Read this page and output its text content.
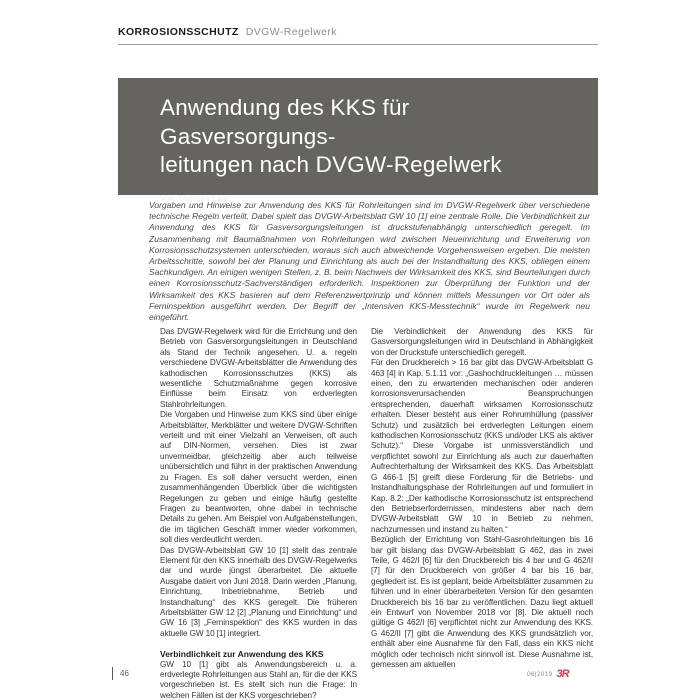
KORROSIONSSCHUTZ DVGW-Regelwerk
Anwendung des KKS für Gasversorgungs-
leitungen nach DVGW-Regelwerk

Von Thomas Laier

Vorgaben und Hinweise zur Anwendung des KKS für Rohrleitungen sind im DVGW-Regelwerk über verschiedene technische Regeln verteilt. Dabei spielt das DVGW-Arbeitsblatt GW 10 [1] eine zentrale Rolle. Die Verbindlichkeit zur Anwendung des KKS für Gasversorgungsleitungen ist druckstufenabhängig unterschiedlich geregelt. Im Zusammenhang mit Baumaßnahmen von Rohrleitungen wird zwischen Neueinrichtung und Erweiterung von Korrosionsschutzsystemen unterschieden, woraus sich auch abweichende Vorgehensweisen ergeben. Die meisten Arbeitsschritte, sowohl bei der Planung und Einrichtung als auch bei der Instandhaltung des KKS, obliegen einem Sachkundigen. An einigen wenigen Stellen, z. B. beim Nachweis der Wirksamkeit des KKS, sind Beurteilungen durch einen Korrosionsschutz-Sachverständigen erforderlich. Inspektionen zur Überprüfung der Funktion und der Wirksamkeit des KKS basieren auf dem Referenzwertprinzip und können mittels Messungen vor Ort oder als Ferninspektion ausgeführt werden. Der Begriff der „Intensiven KKS-Messtechnik“ wurde im Regelwerk neu eingeführt.

Das DVGW-Regelwerk wird für die Errichtung und den Betrieb von Gasversorgungsleitungen in Deutschland als Stand der Technik angesehen. U. a. regeln verschiedene DVGW-Arbeitsblätter die Anwendung des kathodischen Korrosionsschutzes (KKS) als wesentliche Schutzmaßnahme gegen korrosive Einflüsse beim Einsatz von erdverlegten Stahlrohrleitungen.

Die Vorgaben und Hinweise zum KKS sind über einige Arbeitsblätter, Merkblätter und weitere DVGW-Schriften verteilt und mit einer Vielzahl an Verweisen, oft auch auf DIN-Normen, versehen. Dies ist zwar unvermeidbar, gleichzeitig aber auch teilweise unübersichtlich und führt in der praktischen Anwendung zu Fragen. Es soll daher versucht werden, einen zusammenhängenden Überblick über die wichtigsten Regelungen zu geben und einige häufig gestellte Fragen zu beantworten, ohne dabei in technische Details zu gehen. Am Beispiel von Aufgabenstellungen, die im täglichen Geschäft immer wieder vorkommen, soll dies verdeutlicht werden.

Das DVGW-Arbeitsblatt GW 10 [1] stellt das zentrale Element für den KKS innerhalb des DVGW-Regelwerks dar und wurde jüngst überarbeitet. Die aktuelle Ausgabe datiert von Juni 2018. Darin werden „Planung, Einrichtung, Inbetriebnahme, Betrieb und Instandhaltung“ des KKS geregelt. Die früheren Arbeitsblätter GW 12 [2] „Planung und Einrichtung“ und GW 16 [3] „Ferninspektion“ des KKS wurden in das aktuelle GW 10 [1] integriert.

Verbindlichkeit zur Anwendung des KKS

GW 10 [1] gibt als Anwendungsbereich u. a. erdverlegte Rohrleitungen aus Stahl an, für die der KKS vorgeschrieben ist. Es stellt sich nun die Frage: In welchen Fällen ist der KKS vorgeschrieben?

Die Verbindlichkeit der Anwendung des KKS für Gasversorgungsleitungen wird in Deutschland in Abhängigkeit von der Druckstufe unterschiedlich geregelt.

Für den Druckbereich > 16 bar gibt das DVGW-Arbeitsblatt G 463 [4] in Kap. 5.1.11 vor: „Gashochdruckleitungen … müssen einen, den zu erwartenden mechanischen oder anderen korrosionsverursachenden Beanspruchungen entsprechenden, dauerhaft wirksamen Korrosionsschutz erhalten. Dieser besteht aus einer Rohrumhüllung (passiver Schutz) und zusätzlich bei erdverlegten Leitungen einem kathodischen Korrosionsschutz (KKS und/oder LKS als aktiver Schutz).“ Diese Vorgabe ist unmissverständlich und verpflichtet sowohl zur Einrichtung als auch zur dauerhaften Aufrechterhaltung der Wirksamkeit des KKS. Das Arbeitsblatt G 466-1 [5] greift diese Forderung für die Betriebs- und Instandhaltungsphase der Rohrleitungen auf und formuliert in Kap. 8.2: „Der kathodische Korrosionsschutz ist entsprechend den Betriebserfordernissen, mindestens aber nach dem DVGW-Arbeitsblatt GW 10 in Betrieb zu nehmen, nachzumessen und instand zu halten.“

Bezüglich der Errichtung von Stahl-Gasrohrleitungen bis 16 bar gilt bislang das DVGW-Arbeitsblatt G 462, das in zwei Teile, G 462/I [6] für den Druckbereich bis 4 bar und G 462/II [7] für den Druckbereich von größer 4 bar bis 16 bar, gegliedert ist. Es ist geplant, beide Arbeitsblätter zusammen zu führen und in einer überarbeiteten Version für den gesamten Druckbereich bis 16 bar zu veröffentlichen. Dazu liegt aktuell ein Entwurf von November 2018 vor [8]. Die aktuell noch gültige G 462/I [6] verpflichtet nicht zur Anwendung des KKS. G 462/II [7] gibt die Anwendung des KKS grundsätzlich vor, enthält aber eine Ausnahme für den Fall, dass ein KKS nicht möglich oder technisch nicht sinnvoll ist. Diese Ausnahme ist, gemessen am aktuellen

46	06|2019 3R
